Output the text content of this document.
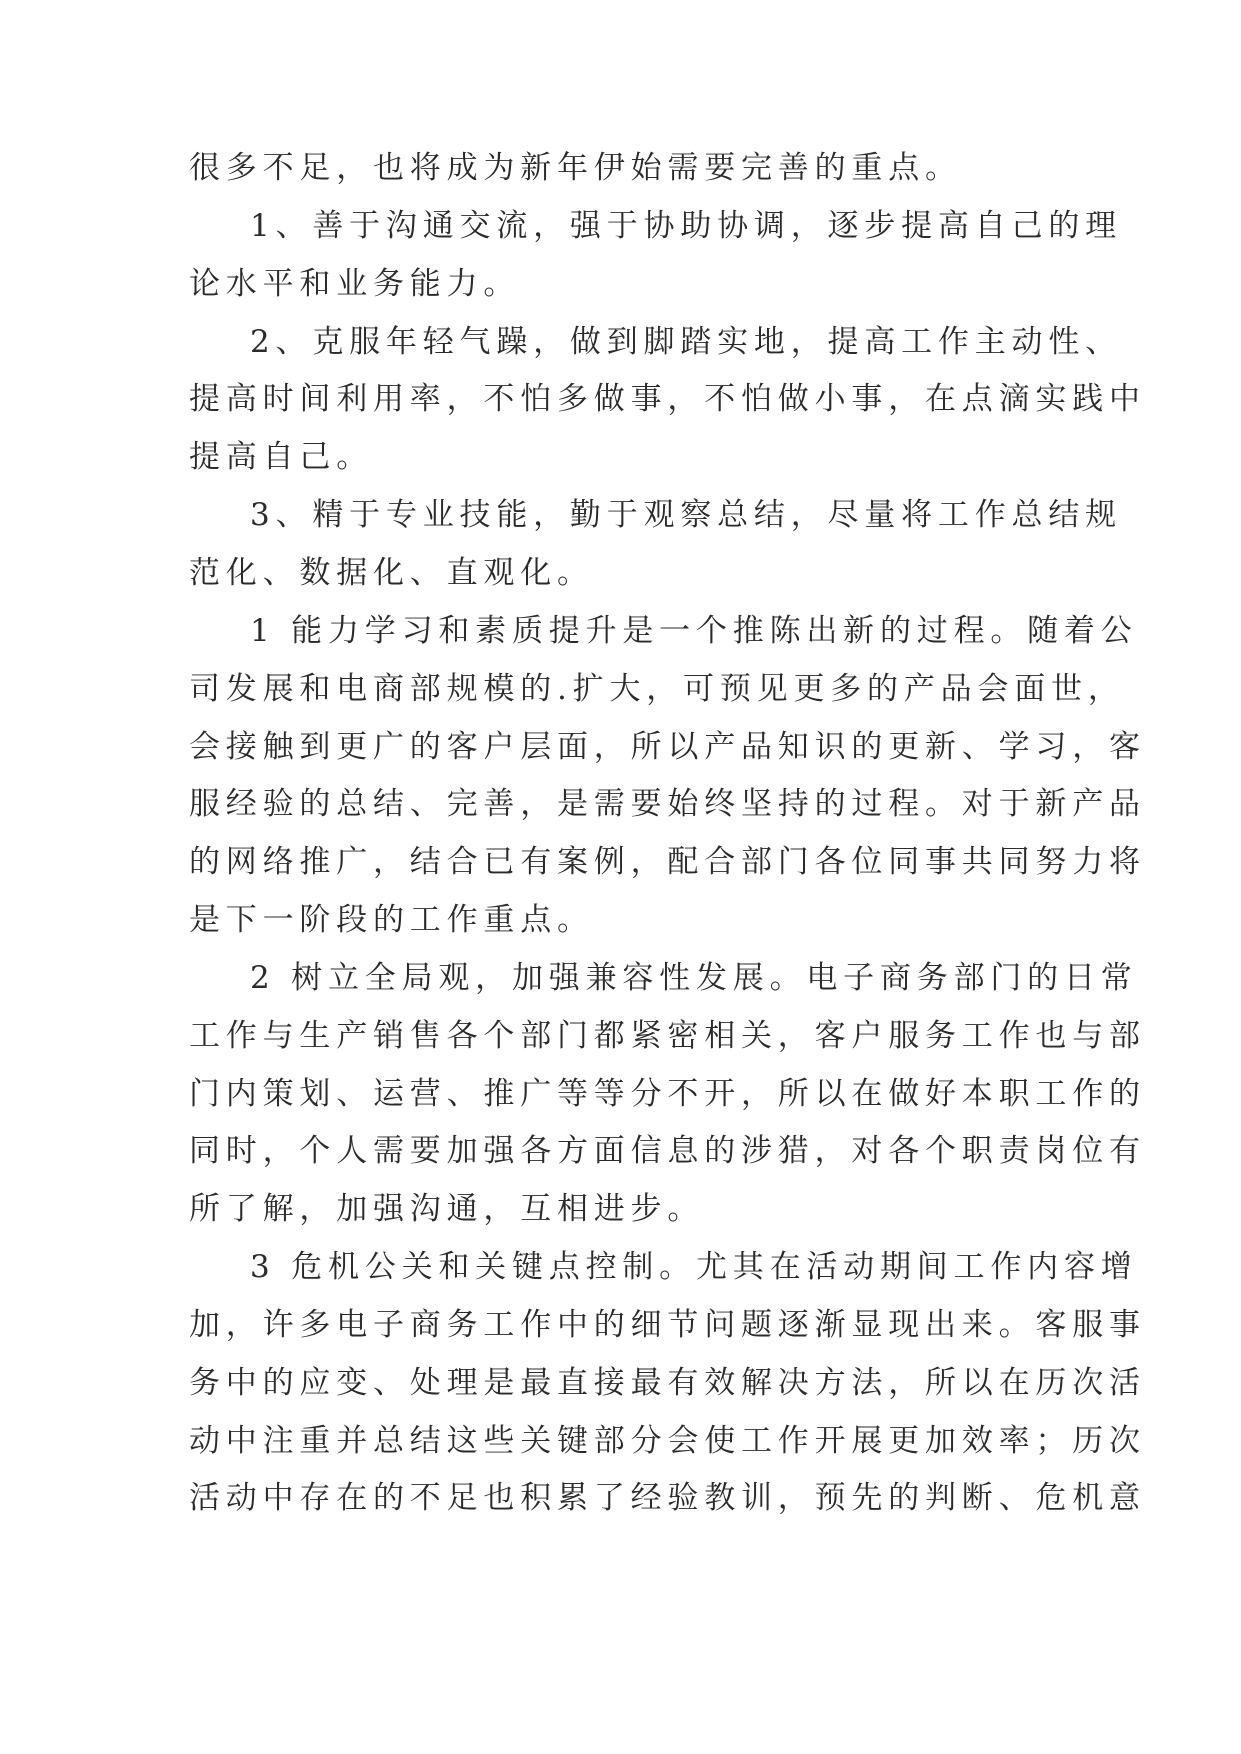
很多不足，也将成为新年伊始需要完善的重点。
1、善于沟通交流，强于协助协调，逐步提高自己的理
论水平和业务能力。
2、克服年轻气躁，做到脚踏实地，提高工作主动性、
提高时间利用率，不怕多做事，不怕做小事，在点滴实践中
提高自己。
3、精于专业技能，勤于观察总结，尽量将工作总结规
范化、数据化、直观化。
1 能力学习和素质提升是一个推陈出新的过程。随着公
司发展和电商部规模的.扩大，可预见更多的产品会面世，
会接触到更广的客户层面，所以产品知识的更新、学习，客
服经验的总结、完善，是需要始终坚持的过程。对于新产品
的网络推广，结合已有案例，配合部门各位同事共同努力将
是下一阶段的工作重点。
2 树立全局观，加强兼容性发展。电子商务部门的日常
工作与生产销售各个部门都紧密相关，客户服务工作也与部
门内策划、运营、推广等等分不开，所以在做好本职工作的
同时，个人需要加强各方面信息的涉猎，对各个职责岗位有
所了解，加强沟通，互相进步。
3 危机公关和关键点控制。尤其在活动期间工作内容增
加，许多电子商务工作中的细节问题逐渐显现出来。客服事
务中的应变、处理是最直接最有效解决方法，所以在历次活
动中注重并总结这些关键部分会使工作开展更加效率；历次
活动中存在的不足也积累了经验教训，预先的判断、危机意
